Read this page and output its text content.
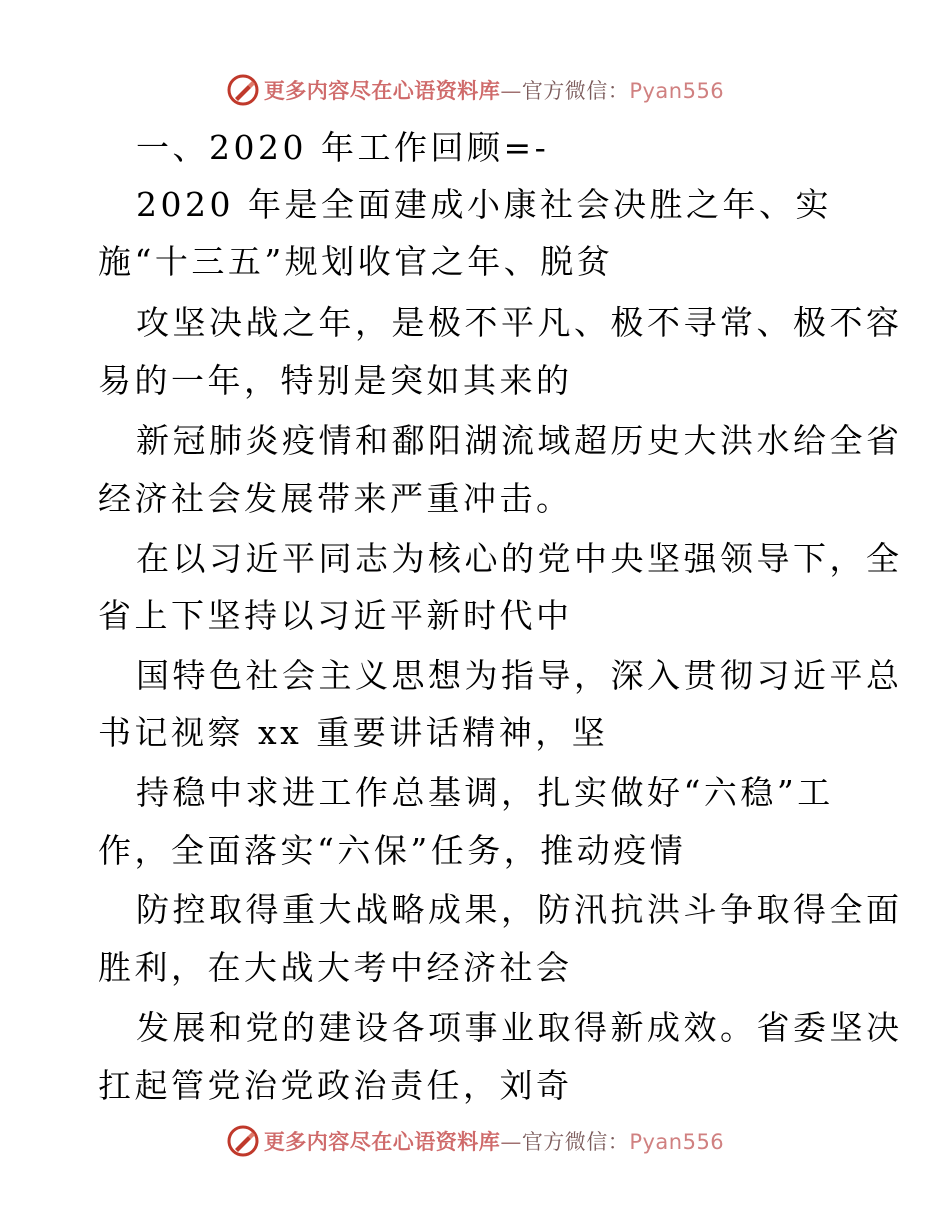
更多内容尽在心语资料库—官方微信：Pyan556
一、2020 年工作回顾=-
2020 年是全面建成小康社会决胜之年、实
施“十三五”规划收官之年、脱贫
攻坚决战之年，是极不平凡、极不寻常、极不容
易的一年，特别是突如其来的
新冠肺炎疫情和鄱阳湖流域超历史大洪水给全省
经济社会发展带来严重冲击。
在以习近平同志为核心的党中央坚强领导下，全
省上下坚持以习近平新时代中
国特色社会主义思想为指导，深入贯彻习近平总
书记视察 xx 重要讲话精神，坚
持稳中求进工作总基调，扎实做好“六稳”工
作，全面落实“六保”任务，推动疫情
防控取得重大战略成果，防汛抗洪斗争取得全面
胜利，在大战大考中经济社会
发展和党的建设各项事业取得新成效。省委坚决
扛起管党治党政治责任，刘奇
更多内容尽在心语资料库—官方微信：Pyan556
